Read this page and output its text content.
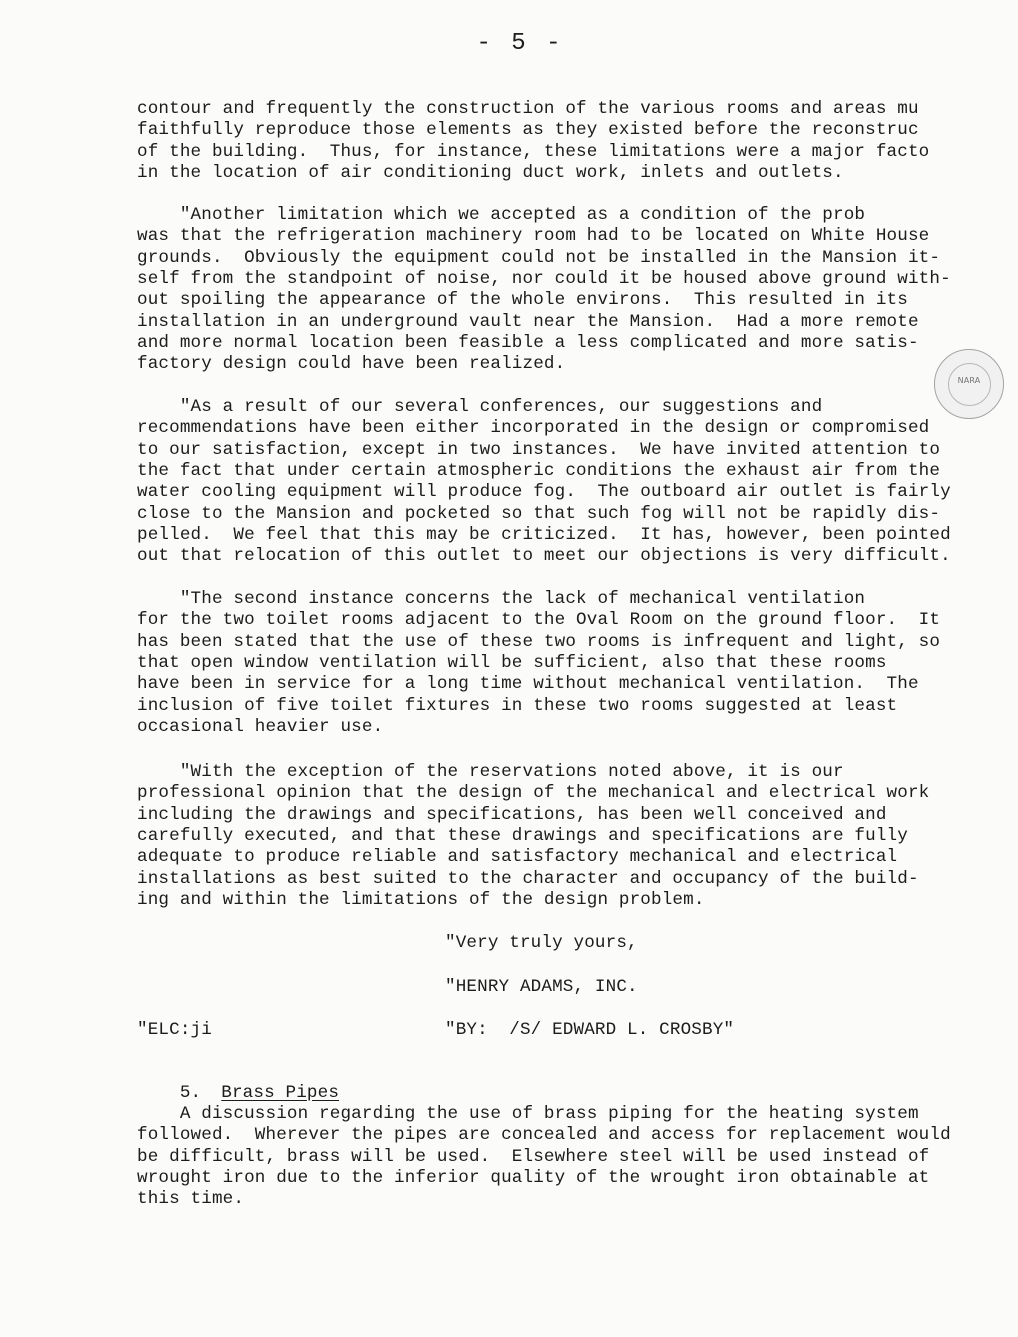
- 5 -
contour and frequently the construction of the various rooms and areas mu
faithfully reproduce those elements as they existed before the reconstruc
of the building.  Thus, for instance, these limitations were a major facto
in the location of air conditioning duct work, inlets and outlets.
"Another limitation which we accepted as a condition of the prob
was that the refrigeration machinery room had to be located on White House
grounds.  Obviously the equipment could not be installed in the Mansion it-
self from the standpoint of noise, nor could it be housed above ground with-
out spoiling the appearance of the whole environs.  This resulted in its
installation in an underground vault near the Mansion.  Had a more remote
and more normal location been feasible a less complicated and more satis-
factory design could have been realized.
"As a result of our several conferences, our suggestions and
recommendations have been either incorporated in the design or compromised
to our satisfaction, except in two instances.  We have invited attention to
the fact that under certain atmospheric conditions the exhaust air from the
water cooling equipment will produce fog.  The outboard air outlet is fairly
close to the Mansion and pocketed so that such fog will not be rapidly dis-
pelled.  We feel that this may be criticized.  It has, however, been pointed
out that relocation of this outlet to meet our objections is very difficult.
"The second instance concerns the lack of mechanical ventilation
for the two toilet rooms adjacent to the Oval Room on the ground floor.  It
has been stated that the use of these two rooms is infrequent and light, so
that open window ventilation will be sufficient, also that these rooms
have been in service for a long time without mechanical ventilation.  The
inclusion of five toilet fixtures in these two rooms suggested at least
occasional heavier use.
"With the exception of the reservations noted above, it is our
professional opinion that the design of the mechanical and electrical work
including the drawings and specifications, has been well conceived and
carefully executed, and that these drawings and specifications are fully
adequate to produce reliable and satisfactory mechanical and electrical
installations as best suited to the character and occupancy of the build-
ing and within the limitations of the design problem.
"Very truly yours,
"HENRY ADAMS, INC.
"ELC:ji	"BY:  /S/ EDWARD L. CROSBY"

5. Brass Pipes

A discussion regarding the use of brass piping for the heating system
followed.  Wherever the pipes are concealed and access for replacement would
be difficult, brass will be used.  Elsewhere steel will be used instead of
wrought iron due to the inferior quality of the wrought iron obtainable at
this time.
NARA
